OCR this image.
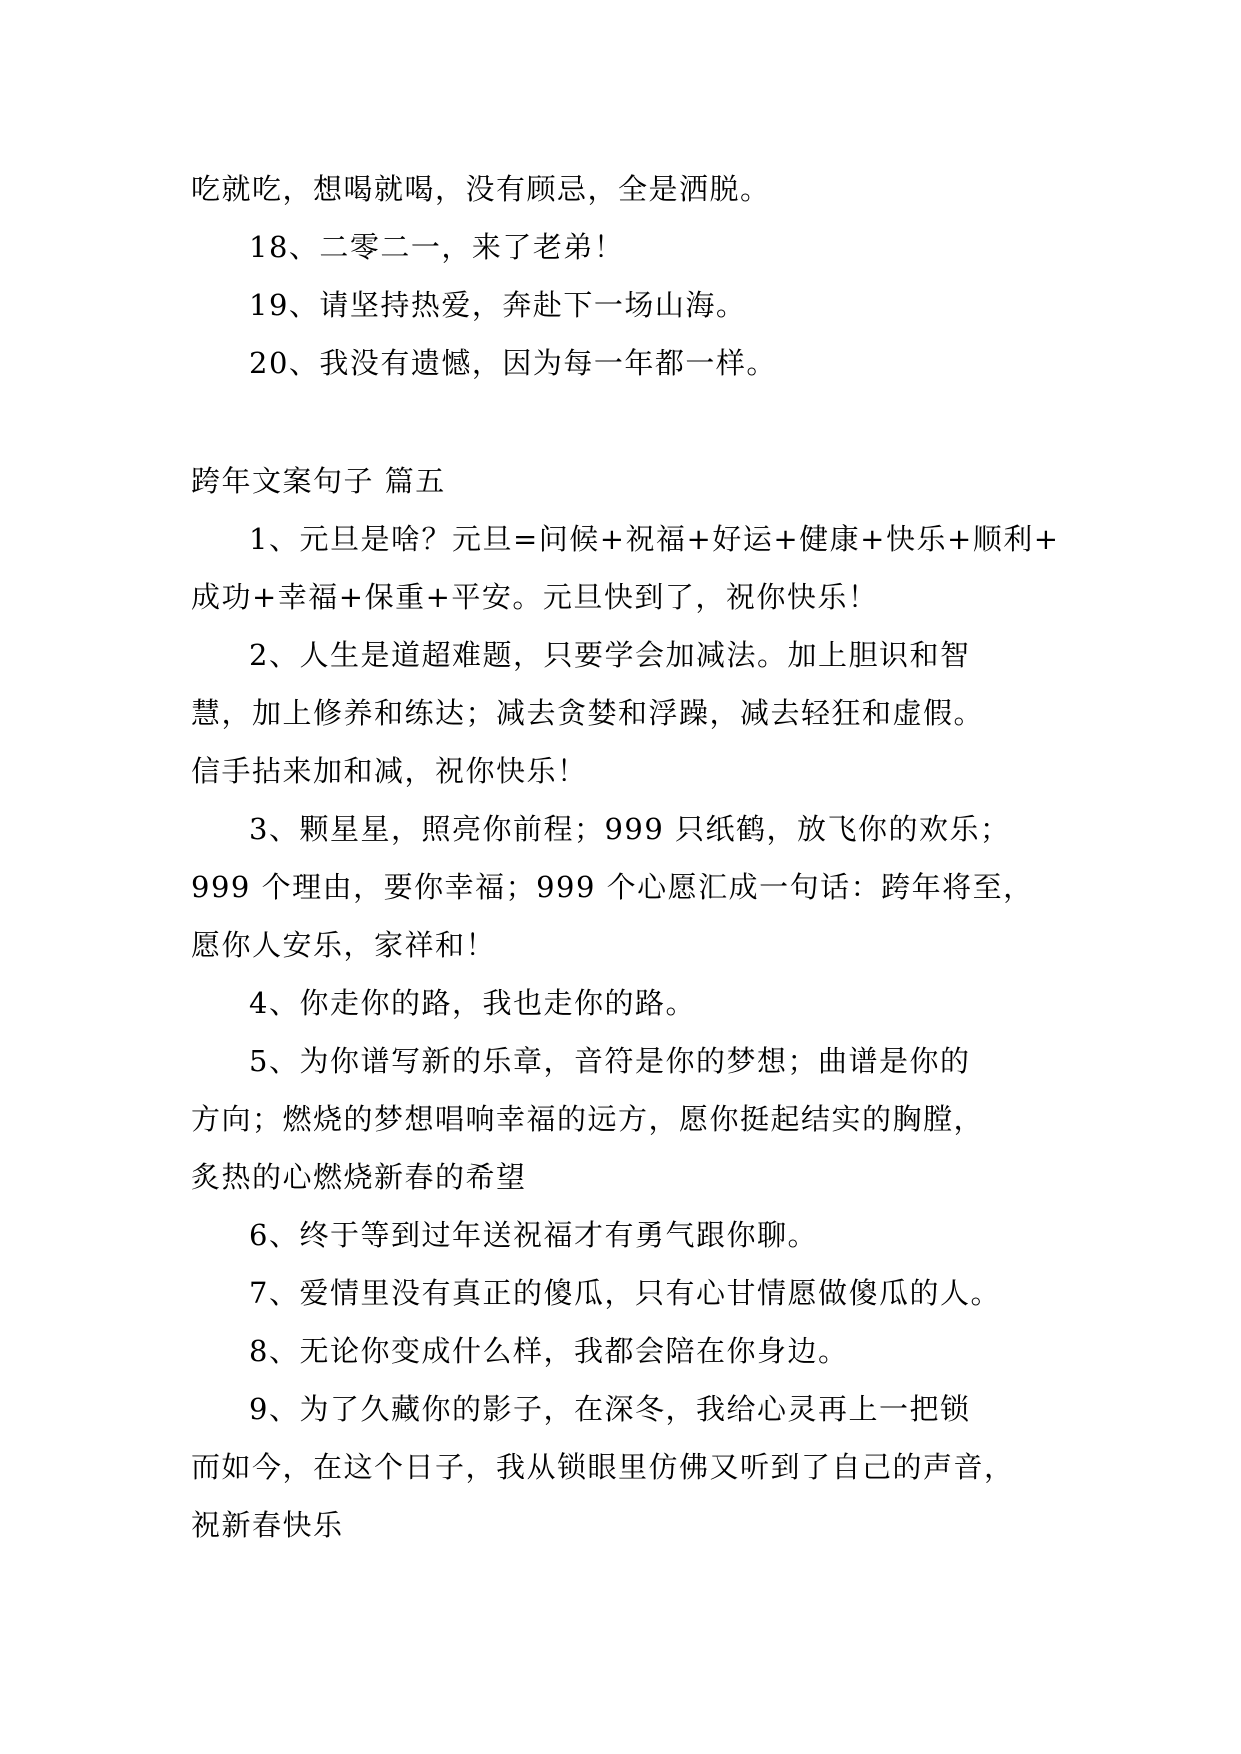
吃就吃，想喝就喝，没有顾忌，全是洒脱。
18、二零二一，来了老弟！
19、请坚持热爱，奔赴下一场山海。
20、我没有遗憾，因为每一年都一样。
跨年文案句子 篇五
1、元旦是啥？元旦=问候+祝福+好运+健康+快乐+顺利+
成功+幸福+保重+平安。元旦快到了，祝你快乐！
2、人生是道超难题，只要学会加减法。加上胆识和智
慧，加上修养和练达；减去贪婪和浮躁，减去轻狂和虚假。
信手拈来加和减，祝你快乐！
3、颗星星，照亮你前程；999 只纸鹤，放飞你的欢乐；
999 个理由，要你幸福；999 个心愿汇成一句话：跨年将至，
愿你人安乐，家祥和！
4、你走你的路，我也走你的路。
5、为你谱写新的乐章，音符是你的梦想；曲谱是你的
方向；燃烧的梦想唱响幸福的远方，愿你挺起结实的胸膛，
炙热的心燃烧新春的希望
6、终于等到过年送祝福才有勇气跟你聊。
7、爱情里没有真正的傻瓜，只有心甘情愿做傻瓜的人。
8、无论你变成什么样，我都会陪在你身边。
9、为了久藏你的影子，在深冬，我给心灵再上一把锁
而如今，在这个日子，我从锁眼里仿佛又听到了自己的声音，
祝新春快乐
